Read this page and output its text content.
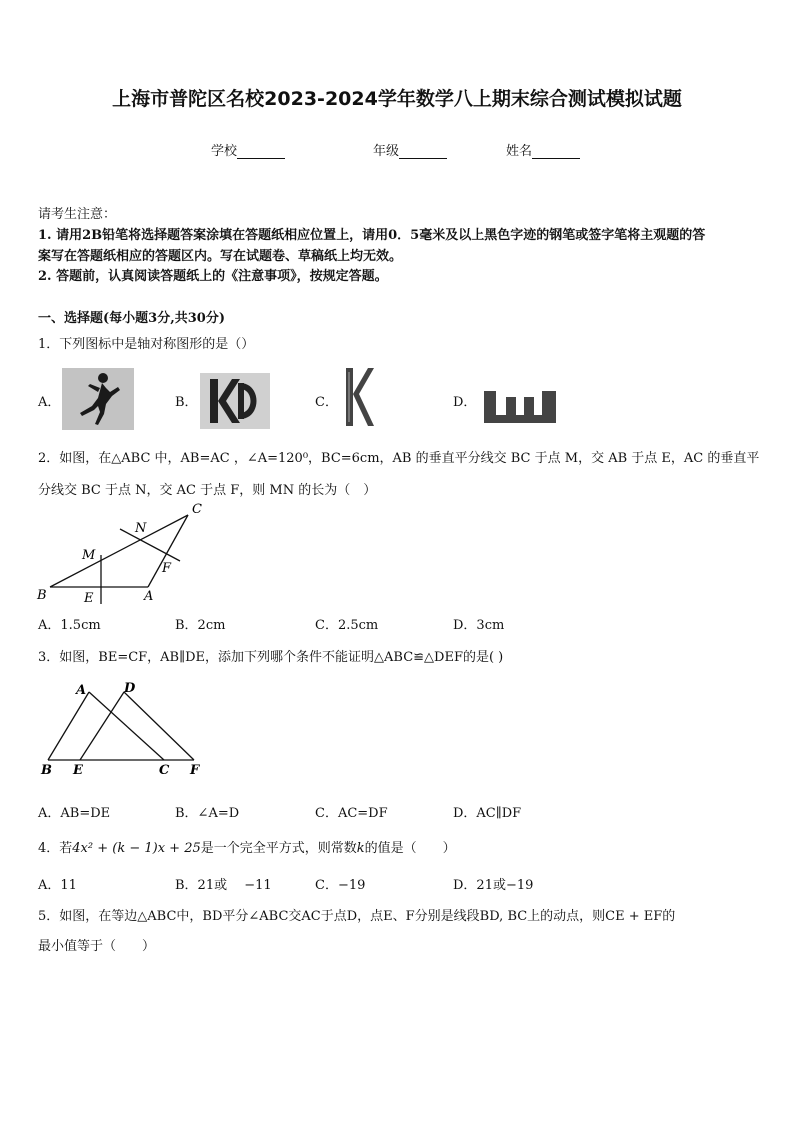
上海市普陀区名校2023-2024学年数学八上期末综合测试模拟试题
学校	年级	姓名
请考生注意：
1. 请用2B铅笔将选择题答案涂填在答题纸相应位置上，请用0．5毫米及以上黑色字迹的钢笔或签字笔将主观题的答
案写在答题纸相应的答题区内。写在试题卷、草稿纸上均无效。
2. 答题前，认真阅读答题纸上的《注意事项》，按规定答题。
一、选择题(每小题3分,共30分)
1．下列图标中是轴对称图形的是（）
A．	B．	C．	D．
2．如图，在△ABC 中，AB=AC ，∠A=120⁰，BC=6cm，AB 的垂直平分线交 BC 于点 M，交 AB 于点 E，AC 的垂直平
分线交 BC 于点 N，交 AC 于点 F，则 MN 的长为（　）
C
N
M
F
B	E	A
A．1.5cm	B．2cm	C．2.5cm	D．3cm
3．如图，BE=CF，AB∥DE，添加下列哪个条件不能证明△ABC≌△DEF的是( )
A	D
B E	C F
A．AB=DE	B．∠A=D	C．AC=DF	D．AC∥DF
4．若4x² + (k − 1)x + 25是一个完全平方式，则常数k的值是（　　）
A．11	B．21或 　−11	C．−19	D．21或−19
5．如图，在等边△ABC中，BD平分∠ABC交AC于点D，点E、F分别是线段BD, BC上的动点，则CE + EF的
最小值等于（　　）
